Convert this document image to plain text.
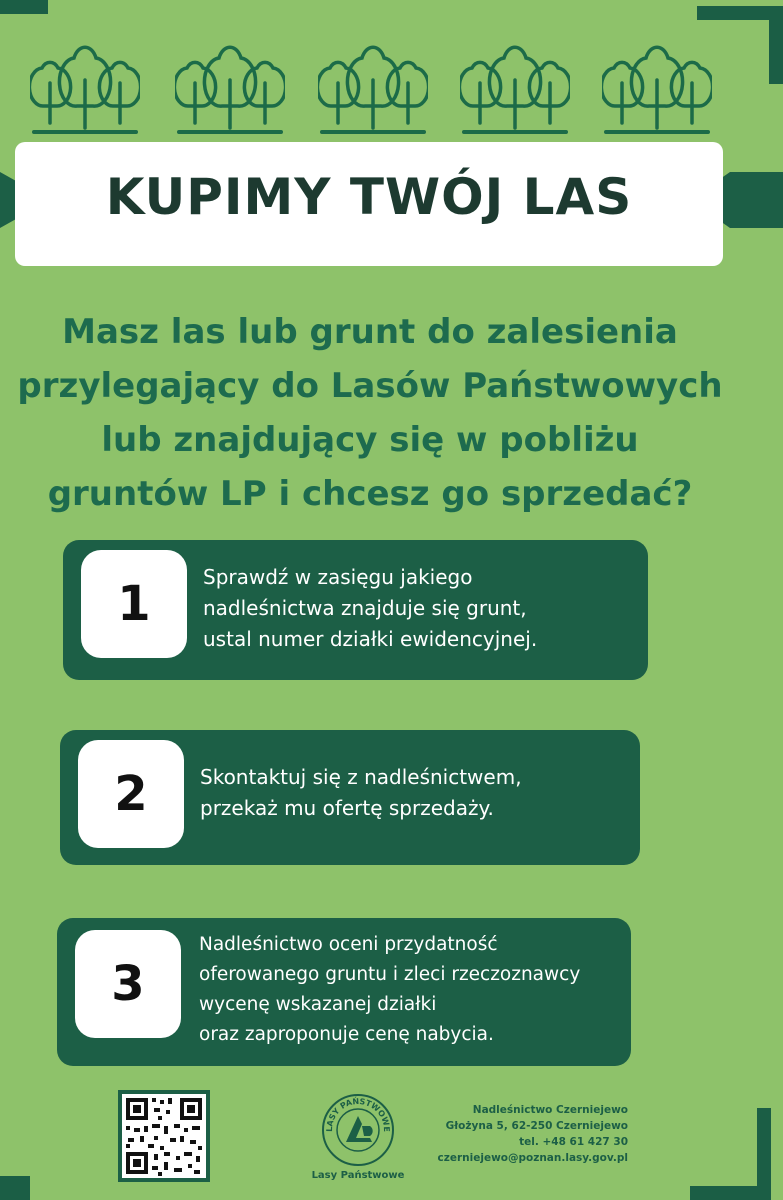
KUPIMY TWÓJ LAS
Masz las lub grunt do zalesienia
przylegający do Lasów Państwowych
lub znajdujący się w pobliżu
gruntów LP i chcesz go sprzedać?
1	Sprawdź w zasięgu jakiego
nadleśnictwa znajduje się grunt,
ustal numer działki ewidencyjnej.
2	Skontaktuj się z nadleśnictwem,
przekaż mu ofertę sprzedaży.
3
Nadleśnictwo oceni przydatność
oferowanego gruntu i zleci rzeczoznawcy
wycenę wskazanej działki
oraz zaproponuje cenę nabycia.
LASY PAŃSTWOWE
Lasy Państwowe
Nadleśnictwo Czerniejewo
Głożyna 5, 62-250 Czerniejewo
tel. +48 61 427 30
czerniejewo@poznan.lasy.gov.pl
